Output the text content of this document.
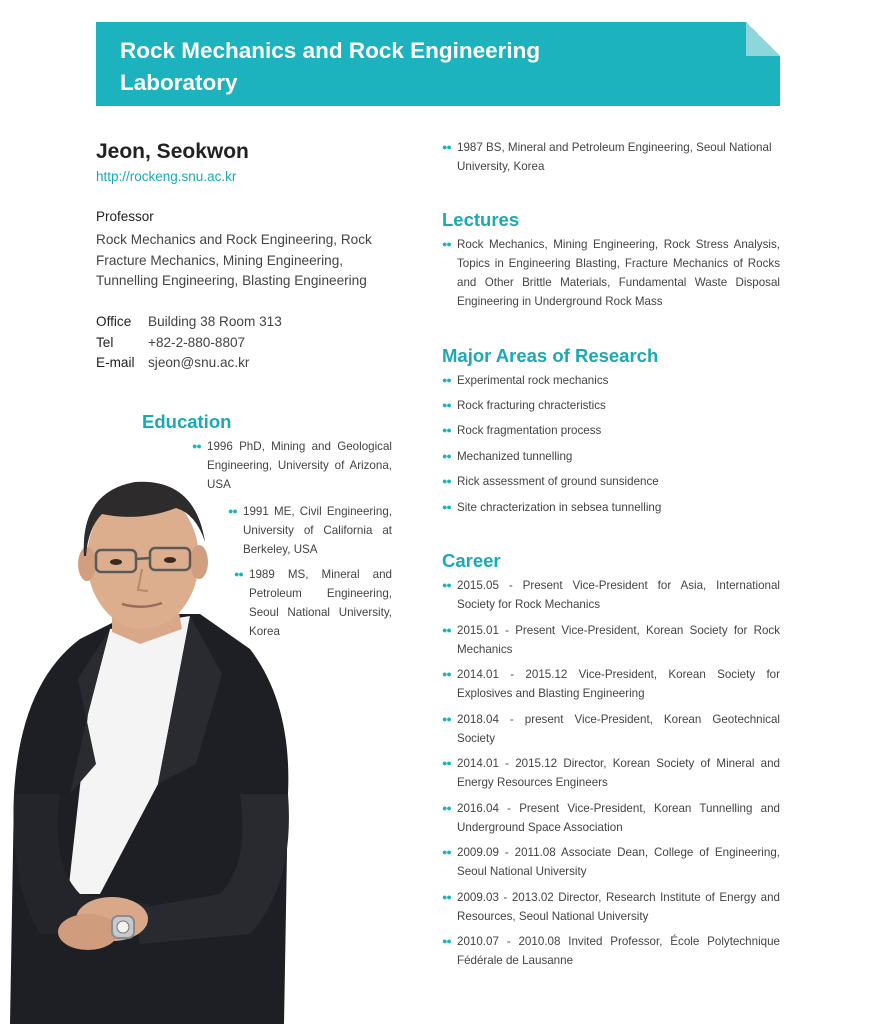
Rock Mechanics and Rock Engineering Laboratory
Jeon, Seokwon
http://rockeng.snu.ac.kr
Professor
Rock Mechanics and Rock Engineering, Rock Fracture Mechanics, Mining Engineering, Tunnelling Engineering, Blasting Engineering
Office	Building 38 Room 313
Tel	+82-2-880-8807
E-mail sjeon@snu.ac.kr
Education
●● 1996 PhD, Mining and Geological Engineering, University of Arizona, USA
●● 1991 ME, Civil Engineering, University of California at Berkeley, USA
●● 1989 MS, Mineral and Petroleum Engineering, Seoul National University, Korea
●● 1987 BS, Mineral and Petroleum Engineering, Seoul National University, Korea
Lectures
●● Rock Mechanics, Mining Engineering, Rock Stress Analysis, Topics in Engineering Blasting, Fracture Mechanics of Rocks and Other Brittle Materials, Fundamental Waste Disposal Engineering in Underground Rock Mass
Major Areas of Research
●● Experimental rock mechanics
●● Rock fracturing chracteristics
●● Rock fragmentation process
●● Mechanized tunnelling
●● Rick assessment of ground sunsidence
●● Site chracterization in sebsea tunnelling
Career
●● 2015.05 - Present Vice-President for Asia, International Society for Rock Mechanics
●● 2015.01 - Present Vice-President, Korean Society for Rock Mechanics
●● 2014.01 - 2015.12 Vice-President, Korean Society for Explosives and Blasting Engineering
●● 2018.04 - present Vice-President, Korean Geotechnical Society
●● 2014.01 - 2015.12 Director, Korean Society of Mineral and Energy Resources Engineers
●● 2016.04 - Present Vice-President, Korean Tunnelling and Underground Space Association
●● 2009.09 - 2011.08 Associate Dean, College of Engineering, Seoul National University
●● 2009.03 - 2013.02 Director, Research Institute of Energy and Resources, Seoul National University
●● 2010.07 - 2010.08 Invited Professor, École Polytechnique Fédérale de Lausanne
